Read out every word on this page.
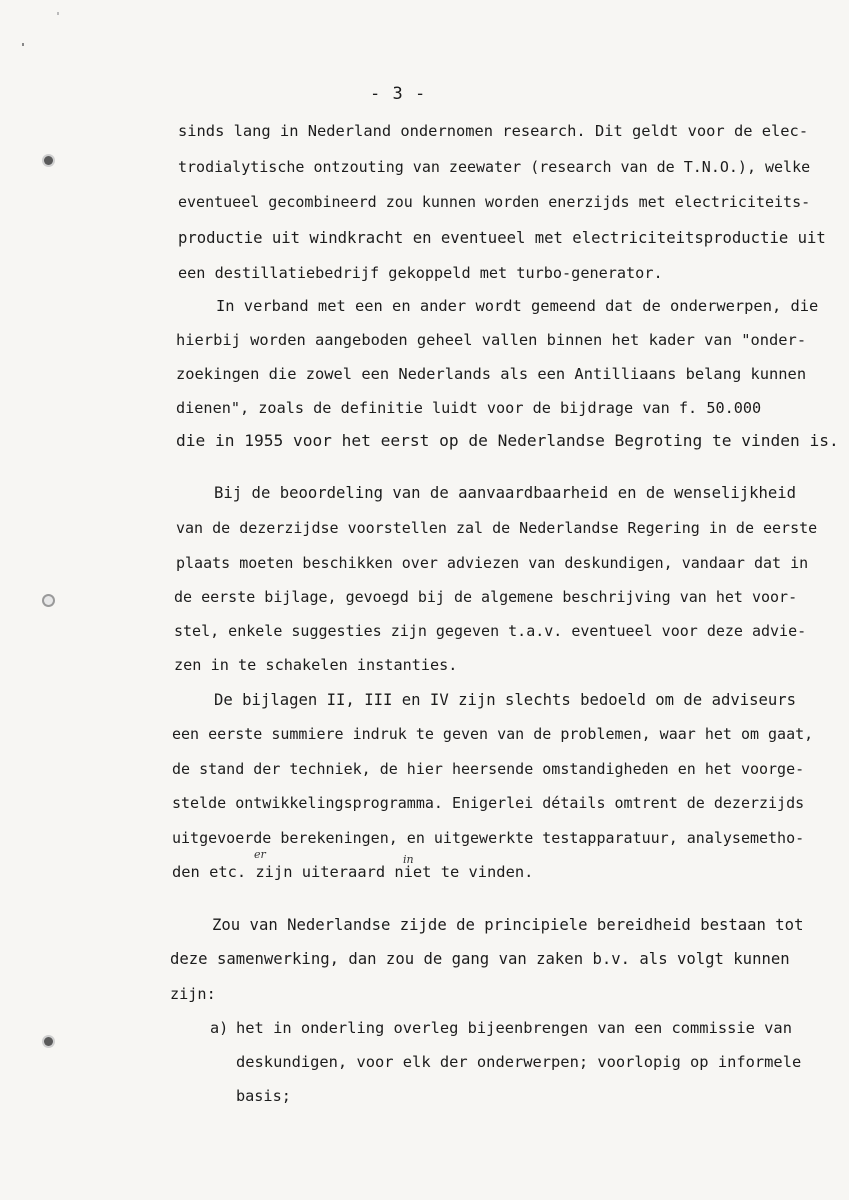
- 3 -
sinds lang in Nederland ondernomen research. Dit geldt voor de elec-
trodialytische ontzouting van zeewater (research van de T.N.O.), welke
eventueel gecombineerd zou kunnen worden enerzijds met electriciteits-
productie uit windkracht en eventueel met electriciteitsproductie uit
een destillatiebedrijf gekoppeld met turbo-generator.
In verband met een en ander wordt gemeend dat de onderwerpen, die
hierbij worden aangeboden geheel vallen binnen het kader van "onder-
zoekingen die zowel een Nederlands als een Antilliaans belang kunnen
dienen", zoals de definitie luidt voor de bijdrage van f. 50.000
die in 1955 voor het eerst op de Nederlandse Begroting te vinden is.
Bij de beoordeling van de aanvaardbaarheid en de wenselijkheid
van de dezerzijdse voorstellen zal de Nederlandse Regering in de eerste
plaats moeten beschikken over adviezen van deskundigen, vandaar dat in
de eerste bijlage, gevoegd bij de algemene beschrijving van het voor-
stel, enkele suggesties zijn gegeven t.a.v. eventueel voor deze advie-
zen in te schakelen instanties.
De bijlagen II, III en IV zijn slechts bedoeld om de adviseurs
een eerste summiere indruk te geven van de problemen, waar het om gaat,
de stand der techniek, de hier heersende omstandigheden en het voorge-
stelde ontwikkelingsprogramma. Enigerlei détails omtrent de dezerzijds
uitgevoerde berekeningen, en uitgewerkte testapparatuur, analysemetho-
den etc. zijn uiteraard niet te vinden.
er	in
Zou van Nederlandse zijde de principiele bereidheid bestaan tot
deze samenwerking, dan zou de gang van zaken b.v. als volgt kunnen
zijn:
a) het in onderling overleg bijeenbrengen van een commissie van
deskundigen, voor elk der onderwerpen; voorlopig op informele
basis;
